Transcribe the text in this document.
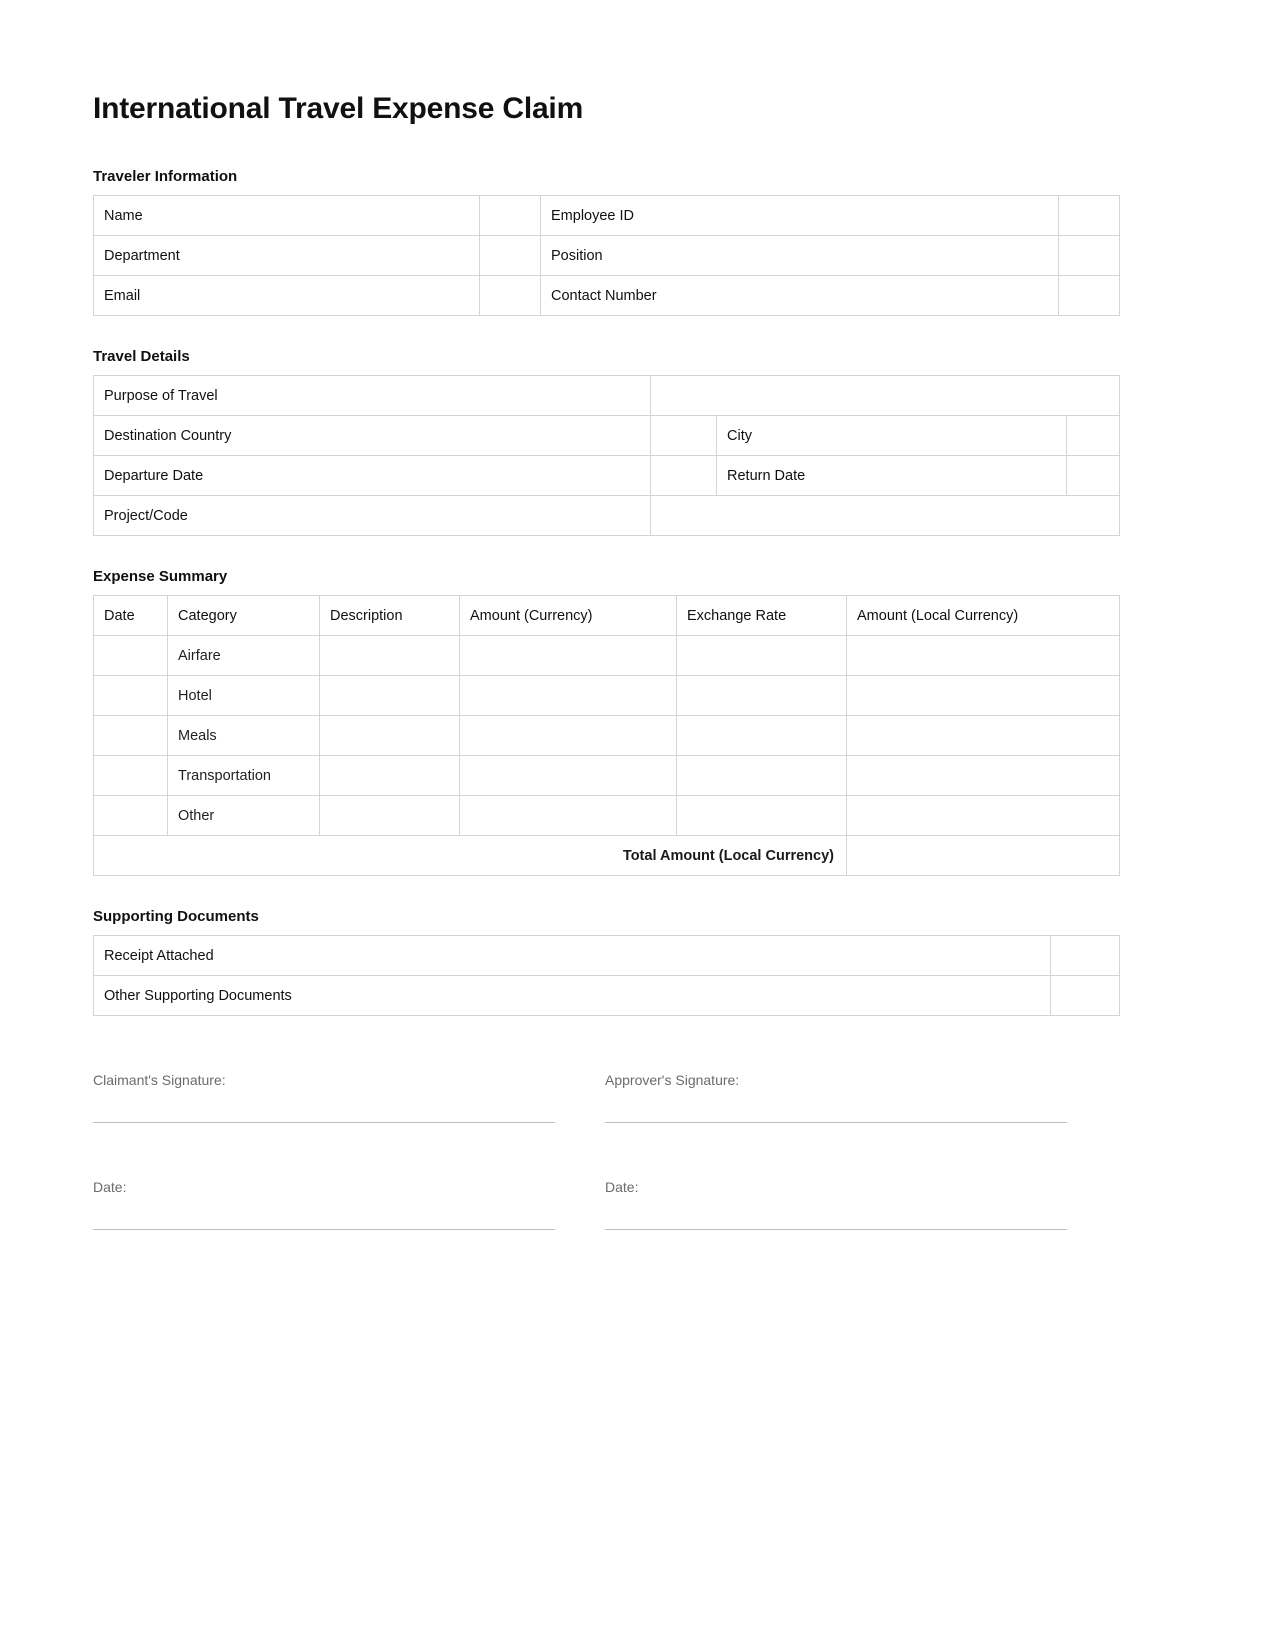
International Travel Expense Claim
Traveler Information
Name		Employee ID	
Department		Position	
Email		Contact Number	
Travel Details
Purpose of Travel			
Destination Country		City	
Departure Date		Return Date	
Project/Code			
Expense Summary
Date	Category	Description	Amount (Currency)	Exchange Rate	Amount (Local Currency)
	Airfare				
	Hotel				
	Meals				
	Transportation				
	Other				
Total Amount (Local Currency)					
Supporting Documents
Receipt Attached	
Other Supporting Documents	
Claimant's Signature:
Date:
Approver's Signature:
Date:
